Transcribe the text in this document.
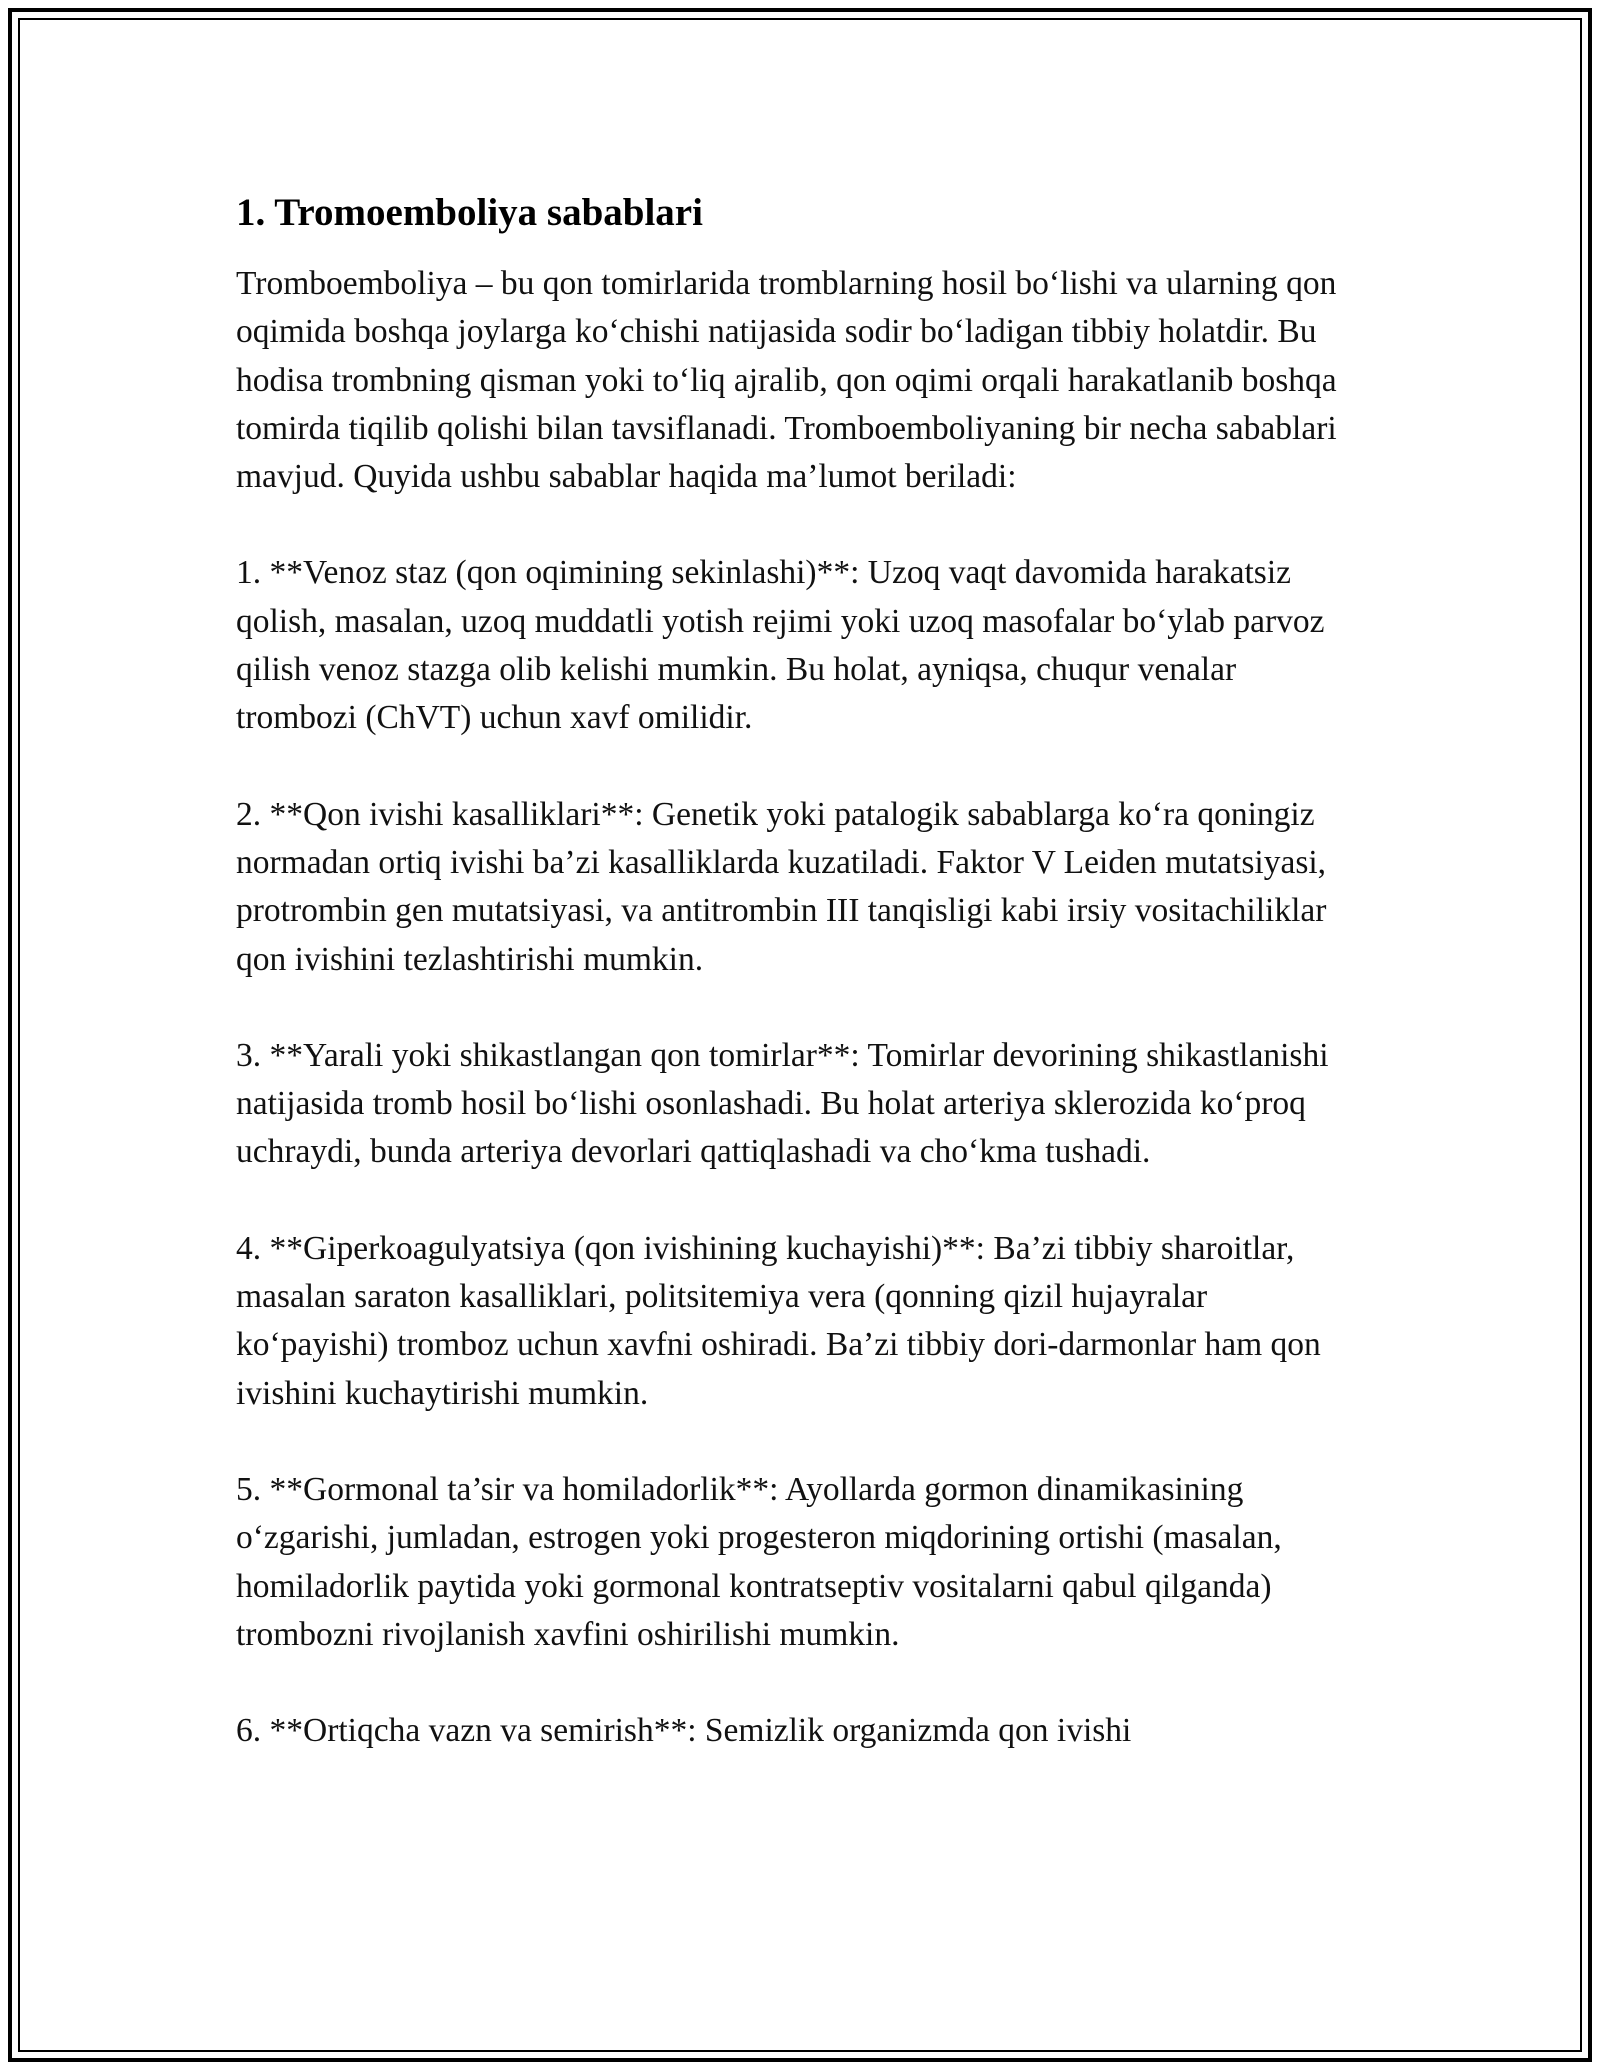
1. Tromoemboliya sabablari

Tromboemboliya – bu qon tomirlarida tromblarning hosil bo‘lishi va ularning qon oqimida boshqa joylarga ko‘chishi natijasida sodir bo‘ladigan tibbiy holatdir. Bu hodisa trombning qisman yoki to‘liq ajralib, qon oqimi orqali harakatlanib boshqa tomirda tiqilib qolishi bilan tavsiflanadi. Tromboemboliyaning bir necha sabablari mavjud. Quyida ushbu sabablar haqida ma’lumot beriladi:

1. **Venoz staz (qon oqimining sekinlashi)**: Uzoq vaqt davomida harakatsiz qolish, masalan, uzoq muddatli yotish rejimi yoki uzoq masofalar bo‘ylab parvoz qilish venoz stazga olib kelishi mumkin. Bu holat, ayniqsa, chuqur venalar trombozi (ChVT) uchun xavf omilidir.

2. **Qon ivishi kasalliklari**: Genetik yoki patalogik sabablarga ko‘ra qoningiz normadan ortiq ivishi ba’zi kasalliklarda kuzatiladi. Faktor V Leiden mutatsiyasi, protrombin gen mutatsiyasi, va antitrombin III tanqisligi kabi irsiy vositachiliklar qon ivishini tezlashtirishi mumkin.

3. **Yarali yoki shikastlangan qon tomirlar**: Tomirlar devorining shikastlanishi natijasida tromb hosil bo‘lishi osonlashadi. Bu holat arteriya sklerozida ko‘proq uchraydi, bunda arteriya devorlari qattiqlashadi va cho‘kma tushadi.

4. **Giperkoagulyatsiya (qon ivishining kuchayishi)**: Ba’zi tibbiy sharoitlar, masalan saraton kasalliklari, politsitemiya vera (qonning qizil hujayralar ko‘payishi) tromboz uchun xavfni oshiradi. Ba’zi tibbiy dori-darmonlar ham qon ivishini kuchaytirishi mumkin.

5. **Gormonal ta’sir va homiladorlik**: Ayollarda gormon dinamikasining o‘zgarishi, jumladan, estrogen yoki progesteron miqdorining ortishi (masalan, homiladorlik paytida yoki gormonal kontratseptiv vositalarni qabul qilganda) trombozni rivojlanish xavfini oshirilishi mumkin.

6. **Ortiqcha vazn va semirish**: Semizlik organizmda qon ivishi
